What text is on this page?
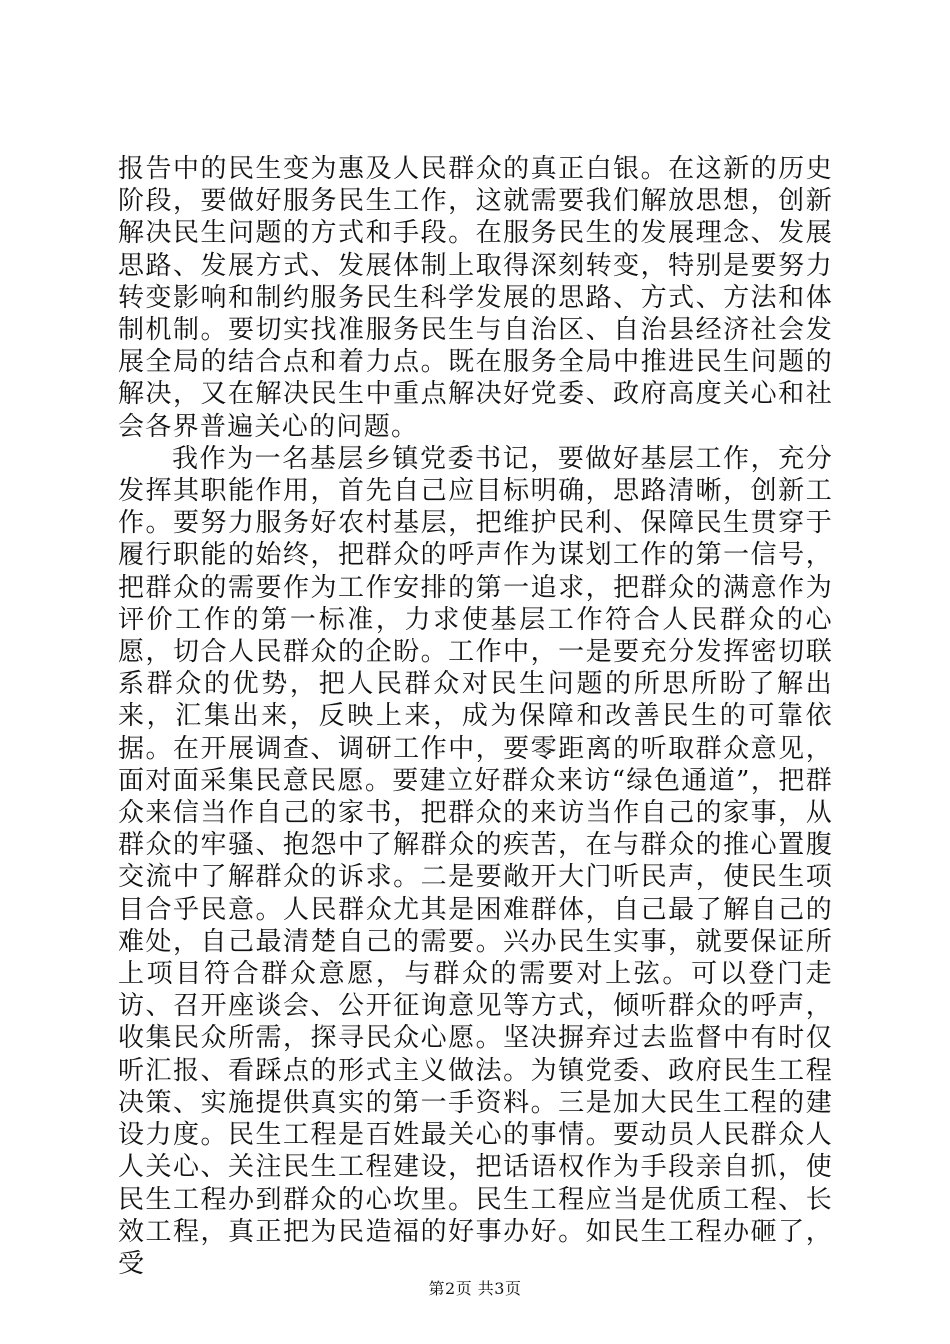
报告中的民生变为惠及人民群众的真正白银。在这新的历史阶段，要做好服务民生工作，这就需要我们解放思想，创新解决民生问题的方式和手段。在服务民生的发展理念、发展思路、发展方式、发展体制上取得深刻转变，特别是要努力转变影响和制约服务民生科学发展的思路、方式、方法和体制机制。要切实找准服务民生与自治区、自治县经济社会发展全局的结合点和着力点。既在服务全局中推进民生问题的解决，又在解决民生中重点解决好党委、政府高度关心和社会各界普遍关心的问题。

我作为一名基层乡镇党委书记，要做好基层工作，充分发挥其职能作用，首先自己应目标明确，思路清晰，创新工作。要努力服务好农村基层，把维护民利、保障民生贯穿于履行职能的始终，把群众的呼声作为谋划工作的第一信号，把群众的需要作为工作安排的第一追求，把群众的满意作为评价工作的第一标准，力求使基层工作符合人民群众的心愿，切合人民群众的企盼。工作中，一是要充分发挥密切联系群众的优势，把人民群众对民生问题的所思所盼了解出来，汇集出来，反映上来，成为保障和改善民生的可靠依据。在开展调查、调研工作中，要零距离的听取群众意见，面对面采集民意民愿。要建立好群众来访“绿色通道”，把群众来信当作自己的家书，把群众的来访当作自己的家事，从群众的牢骚、抱怨中了解群众的疾苦，在与群众的推心置腹交流中了解群众的诉求。二是要敞开大门听民声，使民生项目合乎民意。人民群众尤其是困难群体，自己最了解自己的难处，自己最清楚自己的需要。兴办民生实事，就要保证所上项目符合群众意愿，与群众的需要对上弦。可以登门走访、召开座谈会、公开征询意见等方式，倾听群众的呼声，收集民众所需，探寻民众心愿。坚决摒弃过去监督中有时仅听汇报、看踩点的形式主义做法。为镇党委、政府民生工程决策、实施提供真实的第一手资料。三是加大民生工程的建设力度。民生工程是百姓最关心的事情。要动员人民群众人人关心、关注民生工程建设，把话语权作为手段亲自抓，使民生工程办到群众的心坎里。民生工程应当是优质工程、长效工程，真正把为民造福的好事办好。如民生工程办砸了，受

第2页 共3页
